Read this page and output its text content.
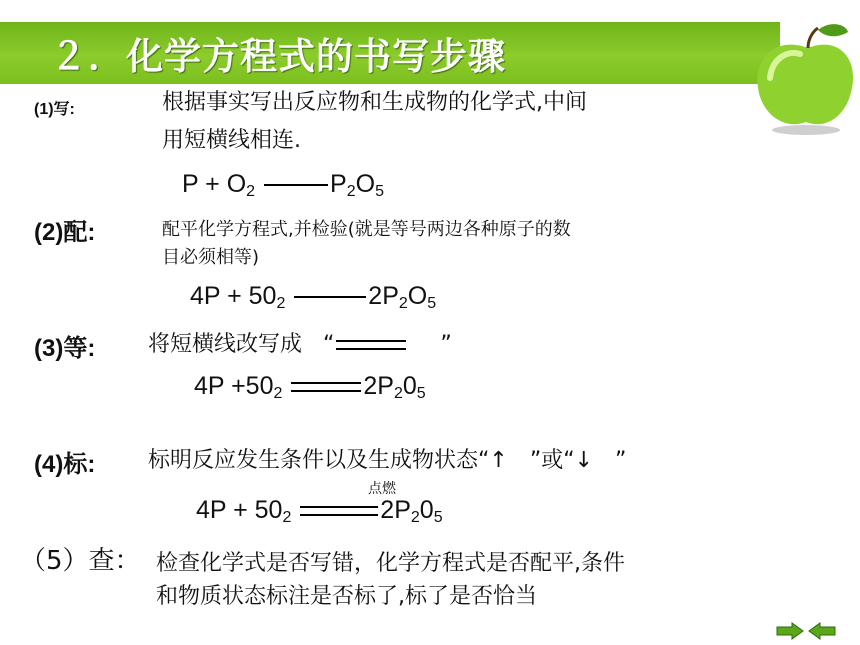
２．化学方程式的书写步骤
(1)写:	根据事实写出反应物和生成物的化学式,中间
用短横线相连.
$P + O_2$	$P_2O_5$
(2)配:	配平化学方程式,并检验(就是等号两边各种原子的数
目必须相等)
$4P + 50_2$	$2P_2O_5$
(3)等: 将短横线改写成 “	”
$4P +50_2$	$2P_20_5$
(4)标: 标明反应发生条件以及生成物状态“↑　”或“↓　”
点燃
$4P + 50_2$	$2P_20_5$
（5）查： 检查化学式是否写错，化学方程式是否配平,条件
和物质状态标注是否标了,标了是否恰当
